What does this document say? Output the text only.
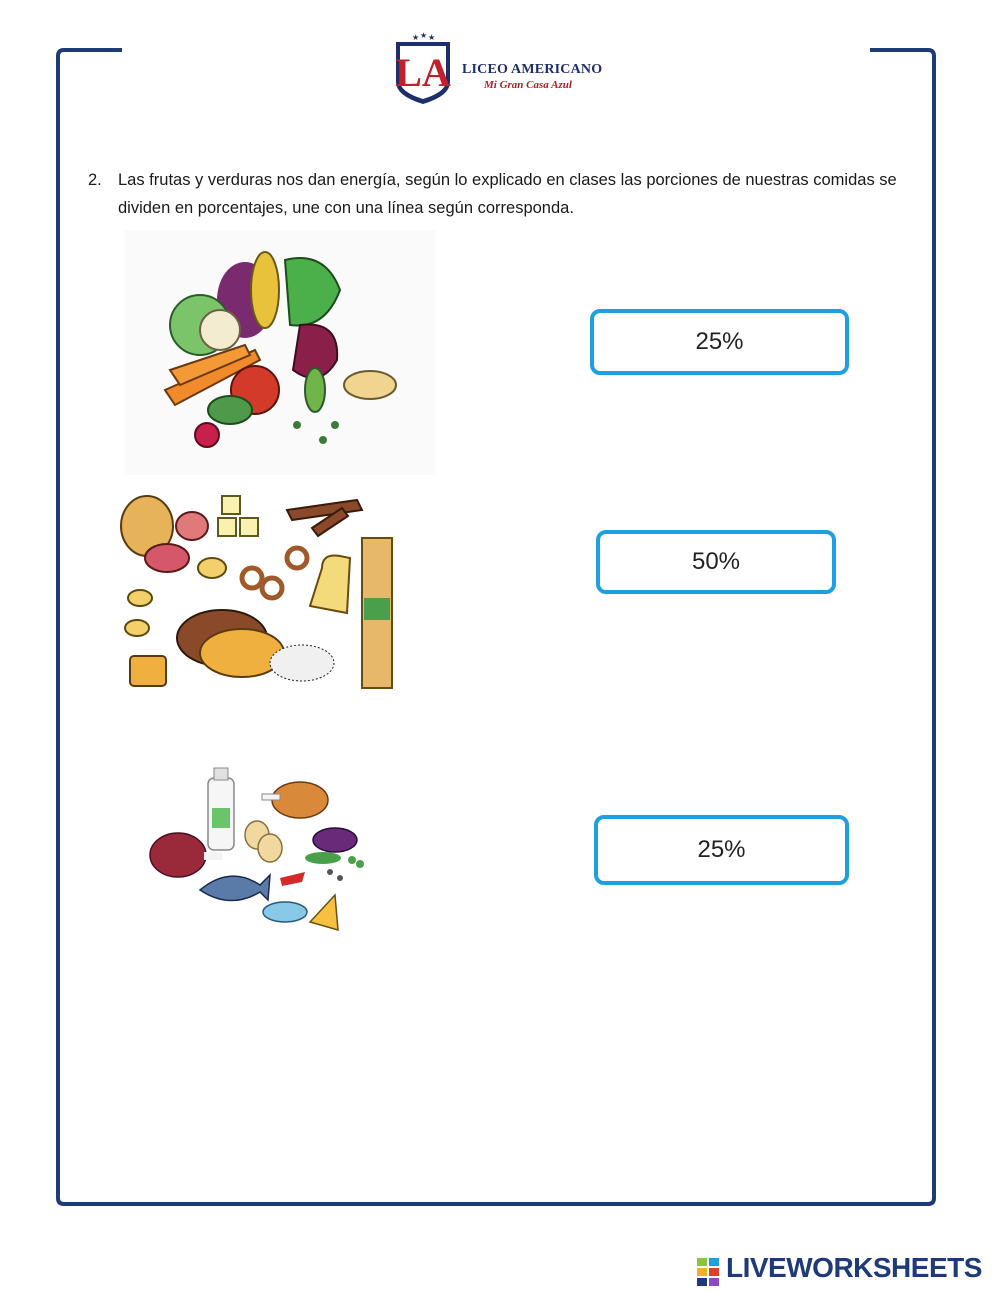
LA
★ ★ ★
LICEO AMERICANO
Mi Gran Casa Azul
2. Las frutas y verduras nos dan energía, según lo explicado en clases las porciones de nuestras comidas se dividen en porcentajes, une con una línea según corresponda.
25%
50%
25%
LIVEWORKSHEETS
